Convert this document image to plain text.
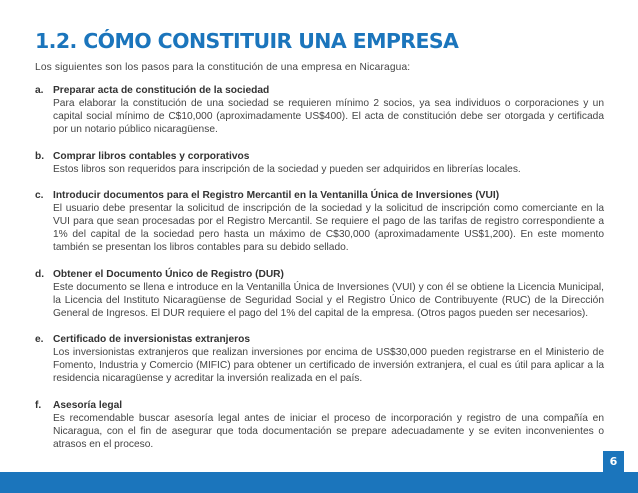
1.2. CÓMO CONSTITUIR UNA EMPRESA
Los siguientes son los pasos para la constitución de una empresa en Nicaragua:
a. Preparar acta de constitución de la sociedad
Para elaborar la constitución de una sociedad se requieren mínimo 2 socios, ya sea individuos o corporaciones y un capital social mínimo de C$10,000 (aproximadamente US$400). El acta de constitución debe ser otorgada y certificada por un notario público nicaragüense.
b. Comprar libros contables y corporativos
Estos libros son requeridos para inscripción de la sociedad y pueden ser adquiridos en librerías locales.
c. Introducir documentos para el Registro Mercantil en la Ventanilla Única de Inversiones (VUI)
El usuario debe presentar la solicitud de inscripción de la sociedad y la solicitud de inscripción como comerciante en la VUI para que sean procesadas por el Registro Mercantil. Se requiere el pago de las tarifas de registro correspondiente a 1% del capital de la sociedad pero hasta un máximo de C$30,000 (aproximadamente US$1,200). En este momento también se presentan los libros contables para su debido sellado.
d. Obtener el Documento Único de Registro (DUR)
Este documento se llena e introduce en la Ventanilla Única de Inversiones (VUI) y con él se obtiene la Licencia Municipal, la Licencia del Instituto Nicaragüense de Seguridad Social y el Registro Único de Contribuyente (RUC) de la Dirección General de Ingresos. El DUR requiere el pago del 1% del capital de la empresa. (Otros pagos pueden ser necesarios).
e. Certificado de inversionistas extranjeros
Los inversionistas extranjeros que realizan inversiones por encima de US$30,000 pueden registrarse en el Ministerio de Fomento, Industria y Comercio (MIFIC) para obtener un certificado de inversión extranjera, el cual es útil para aplicar a la residencia nicaragüense y acreditar la inversión realizada en el país.
f.	Asesoría legal
Es recomendable buscar asesoría legal antes de iniciar el proceso de incorporación y registro de una compañía en Nicaragua, con el fin de asegurar que toda documentación se prepare adecuadamente y se eviten inconvenientes o atrasos en el proceso.
6
